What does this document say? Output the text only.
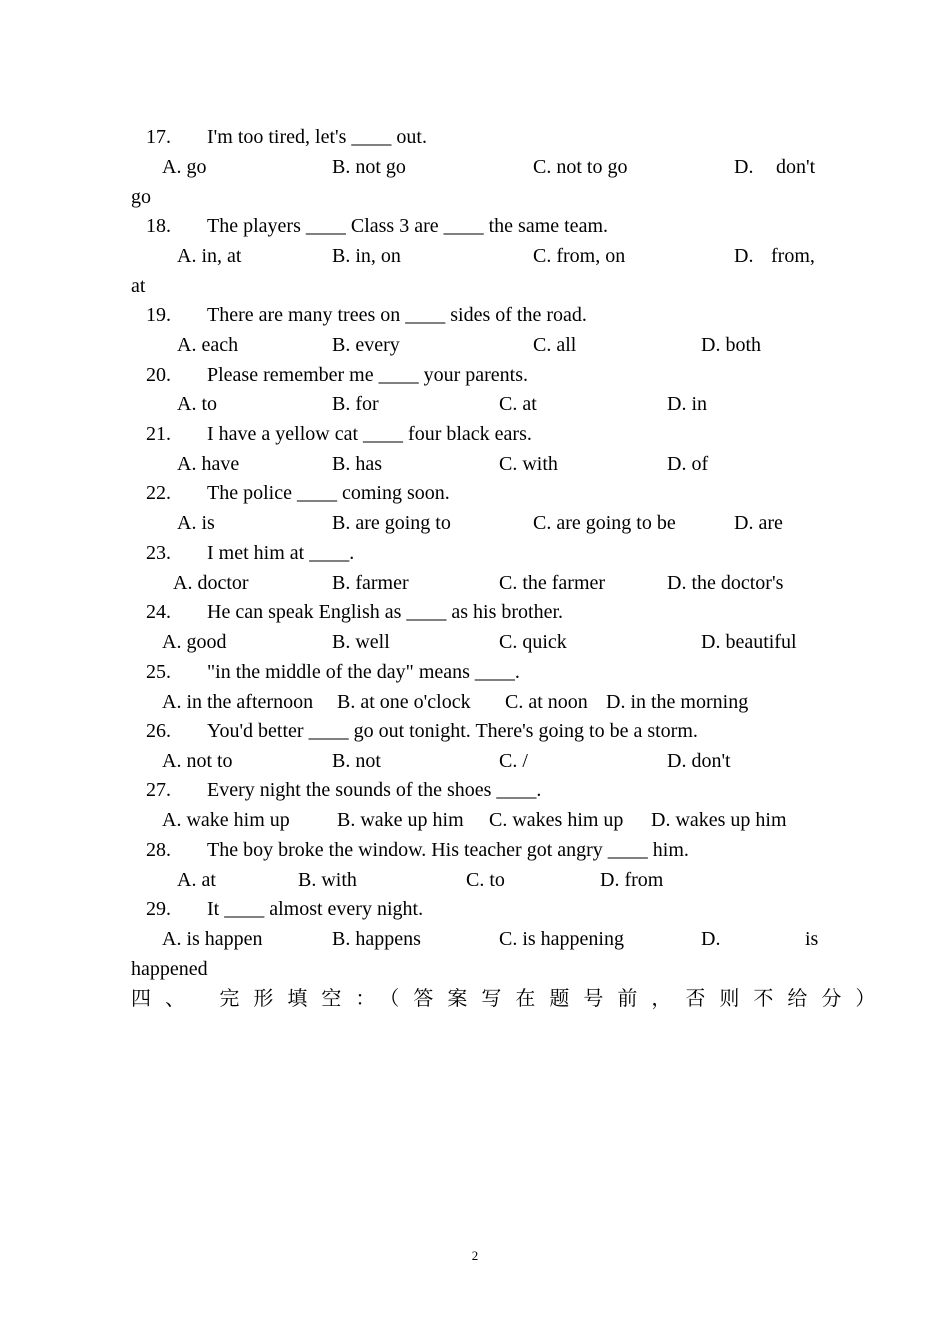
17. I'm too tired, let's ____ out.
A. go	B. not go	C. not to go	D. don't
go
18. The players ____ Class 3 are ____ the same team.
A. in, at	B. in, on	C. from, on	D. from,
at
19. There are many trees on ____ sides of the road.
A. each	B. every	C. all	D. both
20. Please remember me ____ your parents.
A. to	B. for	C. at	D. in
21. I have a yellow cat ____ four black ears.
A. have	B. has	C. with	D. of
22. The police ____ coming soon.
A. is	B. are going to	C. are going to be	D. are
23. I met him at ____.
A. doctor	B. farmer	C. the farmer	D. the doctor's
24. He can speak English as ____ as his brother.
A. good	B. well	C. quick	D. beautiful
25. "in the middle of the day" means ____.
A. in the afternoon B. at one o'clock C. at noon D. in the morning
26. You'd better ____ go out tonight. There's going to be a storm.
A. not to	B. not	C. /	D. don't
27. Every night the sounds of the shoes ____.
A. wake him up B. wake up him C. wakes him up D. wakes up him
28. The boy broke the window. His teacher got angry ____ him.
A. at	B. with	C. to	D. from
29. It ____ almost every night.
A. is happen	B. happens	C. is happening	D.	is
happened
四、 完形填空：（答案写在题号前，否则不给分）
2
